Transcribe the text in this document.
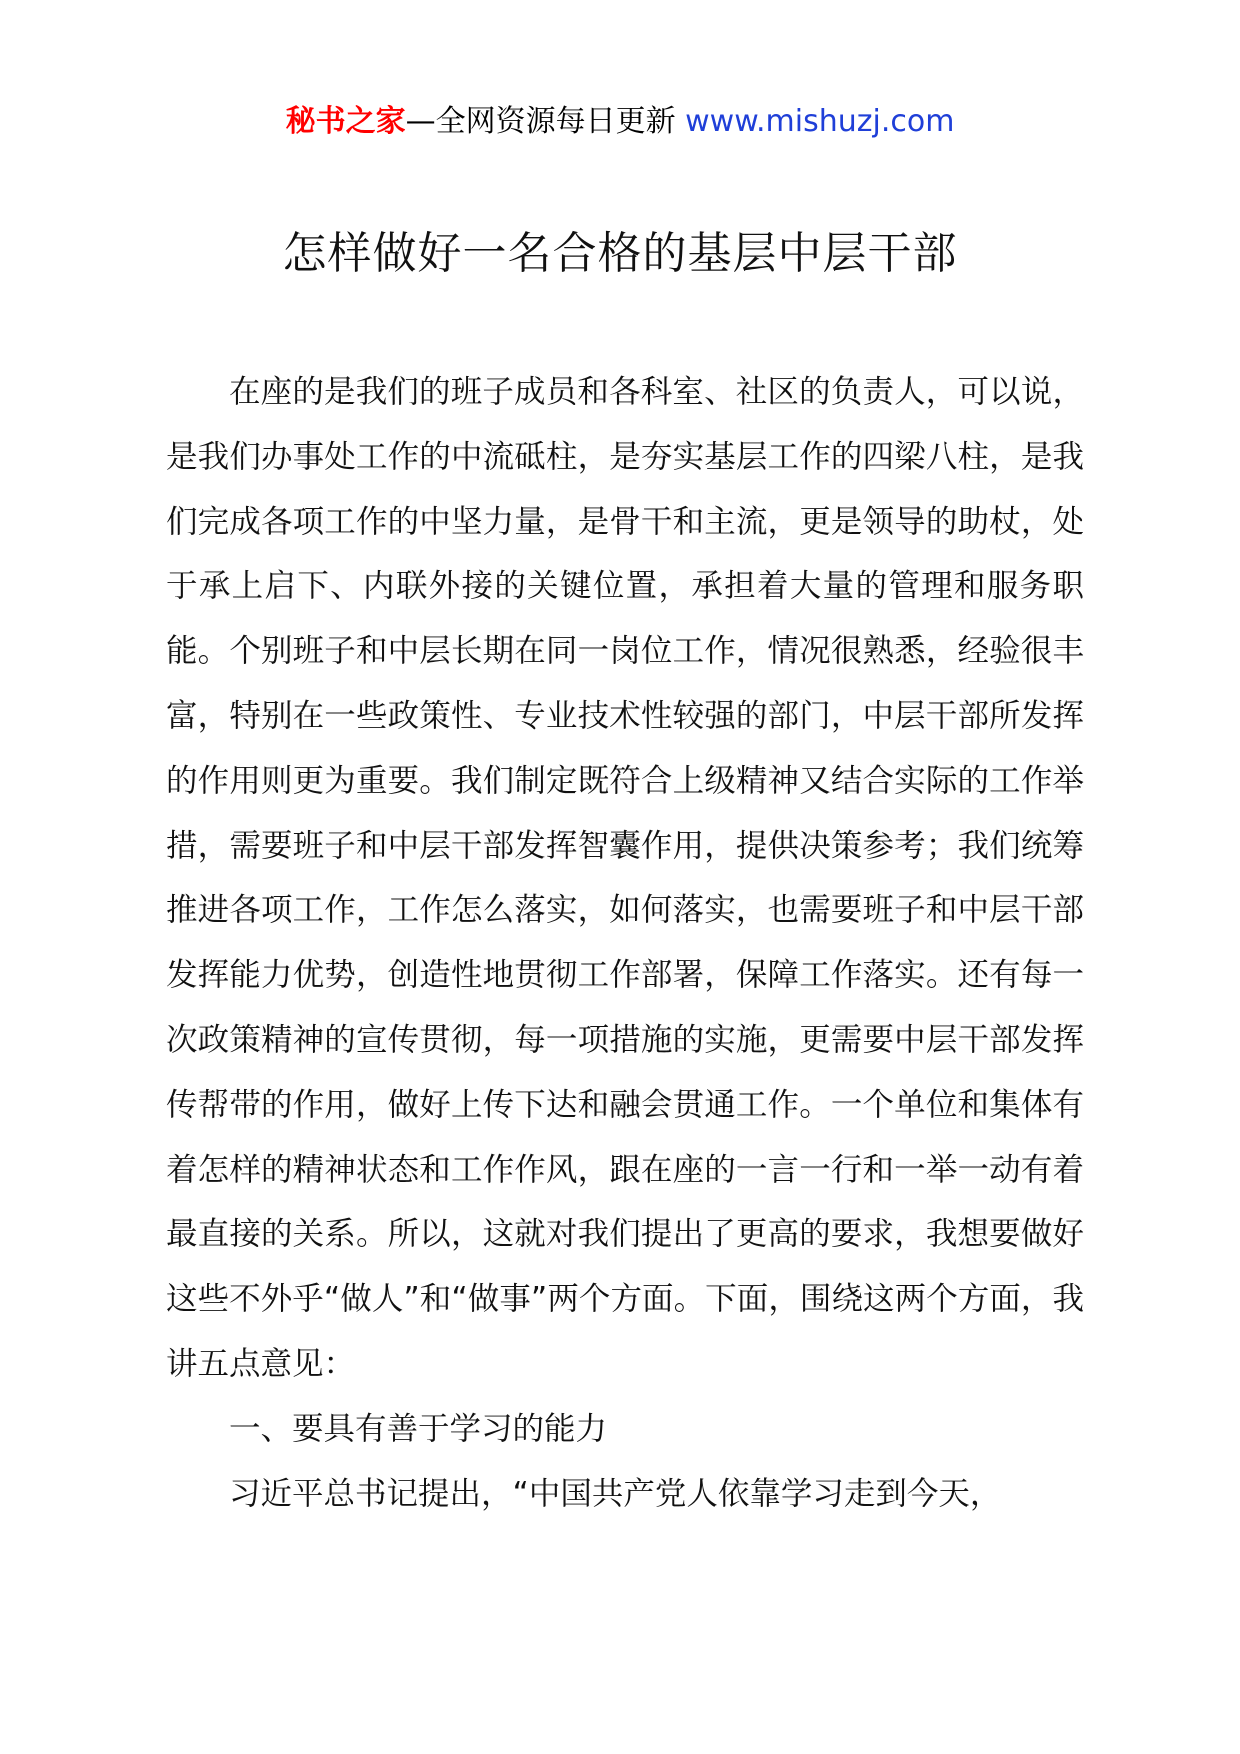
秘书之家—全网资源每日更新 www.mishuzj.com
怎样做好一名合格的基层中层干部

在座的是我们的班子成员和各科室、社区的负责人，可以说，是我们办事处工作的中流砥柱，是夯实基层工作的四梁八柱，是我们完成各项工作的中坚力量，是骨干和主流，更是领导的助杖，处于承上启下、内联外接的关键位置，承担着大量的管理和服务职能。个别班子和中层长期在同一岗位工作，情况很熟悉，经验很丰富，特别在一些政策性、专业技术性较强的部门，中层干部所发挥的作用则更为重要。我们制定既符合上级精神又结合实际的工作举措，需要班子和中层干部发挥智囊作用，提供决策参考；我们统筹推进各项工作，工作怎么落实，如何落实，也需要班子和中层干部发挥能力优势，创造性地贯彻工作部署，保障工作落实。还有每一次政策精神的宣传贯彻，每一项措施的实施，更需要中层干部发挥传帮带的作用，做好上传下达和融会贯通工作。一个单位和集体有着怎样的精神状态和工作作风，跟在座的一言一行和一举一动有着最直接的关系。所以，这就对我们提出了更高的要求，我想要做好这些不外乎“做人”和“做事”两个方面。下面，围绕这两个方面，我讲五点意见：

一、要具有善于学习的能力

习近平总书记提出，“中国共产党人依靠学习走到今天，
